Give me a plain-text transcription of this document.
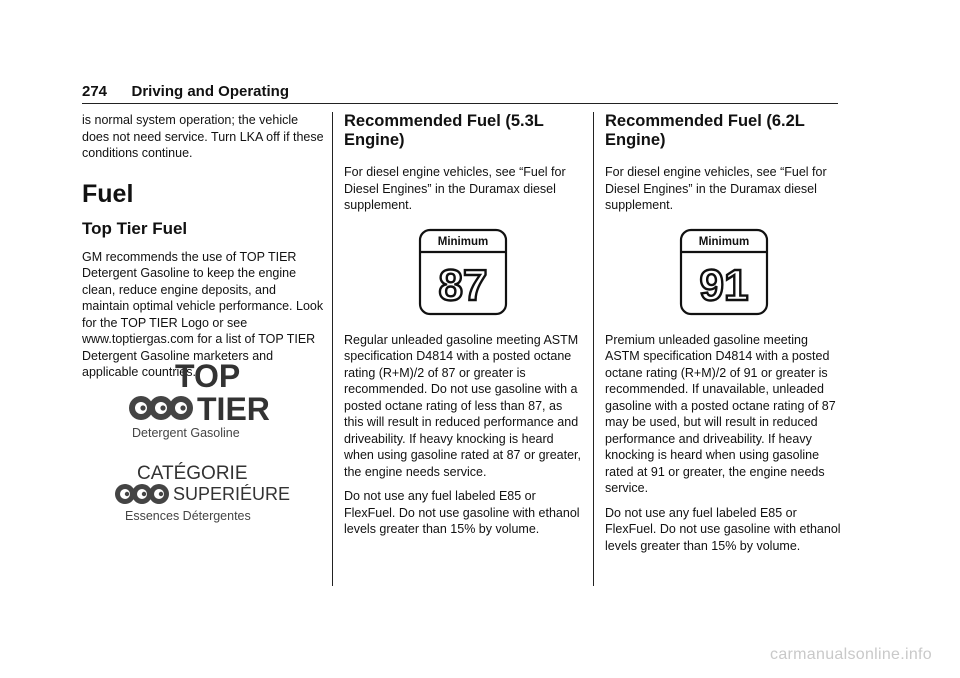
274 Driving and Operating

is normal system operation; the vehicle does not need service. Turn LKA off if these conditions continue.

Fuel
Top Tier Fuel

GM recommends the use of TOP TIER Detergent Gasoline to keep the engine clean, reduce engine deposits, and maintain optimal vehicle performance. Look for the TOP TIER Logo or see www.toptiergas.com for a list of TOP TIER Detergent Gasoline marketers and applicable countries.

TOP
TIER
Detergent Gasoline
CATÉGORIE
SUPERIÉURE
Essences Détergentes
Recommended Fuel (5.3L Engine)

For diesel engine vehicles, see “Fuel for Diesel Engines” in the Duramax diesel supplement.

Minimum
87

Regular unleaded gasoline meeting ASTM specification D4814 with a posted octane rating (R+M)/2 of 87 or greater is recommended. Do not use gasoline with a posted octane rating of less than 87, as this will result in reduced performance and driveability. If heavy knocking is heard when using gasoline rated at 87 or greater, the engine needs service.

Do not use any fuel labeled E85 or FlexFuel. Do not use gasoline with ethanol levels greater than 15% by volume.

Recommended Fuel (6.2L Engine)

For diesel engine vehicles, see “Fuel for Diesel Engines” in the Duramax diesel supplement.

Minimum
91

Premium unleaded gasoline meeting ASTM specification D4814 with a posted octane rating (R+M)/2 of 91 or greater is recommended. If unavailable, unleaded gasoline with a posted octane rating of 87 may be used, but will result in reduced performance and driveability. If heavy knocking is heard when using gasoline rated at 91 or greater, the engine needs service.

Do not use any fuel labeled E85 or FlexFuel. Do not use gasoline with ethanol levels greater than 15% by volume.

carmanualsonline.info
